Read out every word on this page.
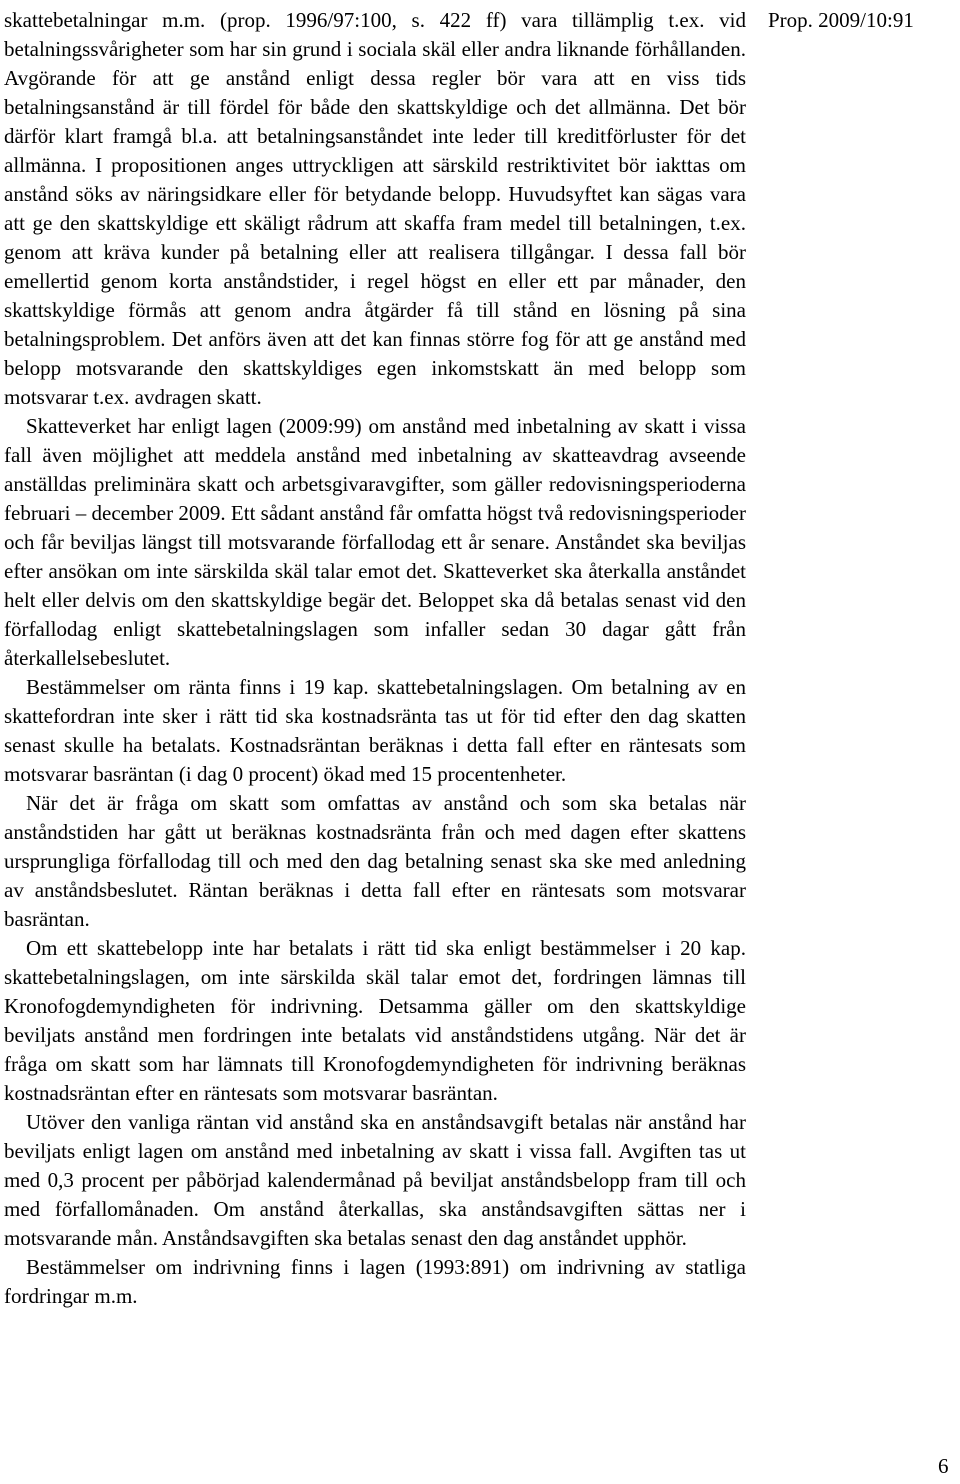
Prop. 2009/10:91

skattebetalningar m.m. (prop. 1996/97:100, s. 422 ff) vara tillämplig t.ex. vid betalningssvårigheter som har sin grund i sociala skäl eller andra liknande förhållanden. Avgörande för att ge anstånd enligt dessa regler bör vara att en viss tids betalningsanstånd är till fördel för både den skattskyldige och det allmänna. Det bör därför klart framgå bl.a. att betalningsanståndet inte leder till kreditförluster för det allmänna. I propositionen anges uttryckligen att särskild restriktivitet bör iakttas om anstånd söks av näringsidkare eller för betydande belopp. Huvudsyftet kan sägas vara att ge den skattskyldige ett skäligt rådrum att skaffa fram medel till betalningen, t.ex. genom att kräva kunder på betalning eller att realisera tillgångar. I dessa fall bör emellertid genom korta anståndstider, i regel högst en eller ett par månader, den skattskyldige förmås att genom andra åtgärder få till stånd en lösning på sina betalningsproblem. Det anförs även att det kan finnas större fog för att ge anstånd med belopp motsvarande den skattskyldiges egen inkomstskatt än med belopp som motsvarar t.ex. avdragen skatt.

Skatteverket har enligt lagen (2009:99) om anstånd med inbetalning av skatt i vissa fall även möjlighet att meddela anstånd med inbetalning av skatteavdrag avseende anställdas preliminära skatt och arbetsgivaravgifter, som gäller redovisningsperioderna februari – december 2009. Ett sådant anstånd får omfatta högst två redovisningsperioder och får beviljas längst till motsvarande förfallodag ett år senare. Anståndet ska beviljas efter ansökan om inte särskilda skäl talar emot det. Skatteverket ska återkalla anståndet helt eller delvis om den skattskyldige begär det. Beloppet ska då betalas senast vid den förfallodag enligt skattebetalningslagen som infaller sedan 30 dagar gått från återkallelsebeslutet.

Bestämmelser om ränta finns i 19 kap. skattebetalningslagen. Om betalning av en skattefordran inte sker i rätt tid ska kostnadsränta tas ut för tid efter den dag skatten senast skulle ha betalats. Kostnadsräntan beräknas i detta fall efter en räntesats som motsvarar basräntan (i dag 0 procent) ökad med 15 procentenheter.

När det är fråga om skatt som omfattas av anstånd och som ska betalas när anståndstiden har gått ut beräknas kostnadsränta från och med dagen efter skattens ursprungliga förfallodag till och med den dag betalning senast ska ske med anledning av anståndsbeslutet. Räntan beräknas i detta fall efter en räntesats som motsvarar basräntan.

Om ett skattebelopp inte har betalats i rätt tid ska enligt bestämmelser i 20 kap. skattebetalningslagen, om inte särskilda skäl talar emot det, fordringen lämnas till Kronofogdemyndigheten för indrivning. Detsamma gäller om den skattskyldige beviljats anstånd men fordringen inte betalats vid anståndstidens utgång. När det är fråga om skatt som har lämnats till Kronofogdemyndigheten för indrivning beräknas kostnadsräntan efter en räntesats som motsvarar basräntan.

Utöver den vanliga räntan vid anstånd ska en anståndsavgift betalas när anstånd har beviljats enligt lagen om anstånd med inbetalning av skatt i vissa fall. Avgiften tas ut med 0,3 procent per påbörjad kalendermånad på beviljat anståndsbelopp fram till och med förfallomånaden. Om anstånd återkallas, ska anståndsavgiften sättas ner i motsvarande mån. Anståndsavgiften ska betalas senast den dag anståndet upphör.

Bestämmelser om indrivning finns i lagen (1993:891) om indrivning av statliga fordringar m.m.

6
